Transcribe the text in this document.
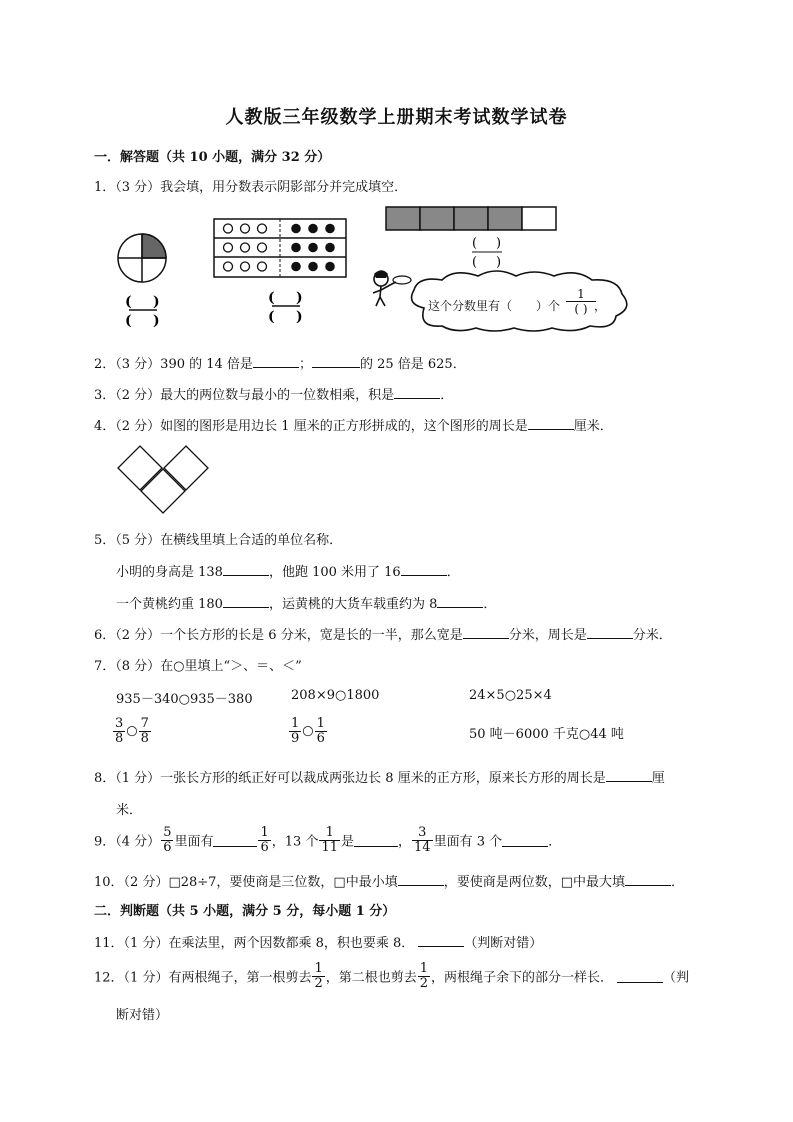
人教版三年级数学上册期末考试数学试卷
一．解答题（共 10 小题，满分 32 分）
1．（3 分）我会填，用分数表示阴影部分并完成填空．
( )
( )
( )
( )
( )
( )
这个分数里有（ ）个
1
( ) ，
2．（3 分）390 的 14 倍是	；	的 25 倍是 625．
3．（2 分）最大的两位数与最小的一位数相乘，积是	．
4．（2 分）如图的图形是用边长 1 厘米的正方形拼成的，这个图形的周长是	厘米．
5．（5 分）在横线里填上合适的单位名称．
小明的身高是 138	，他跑 100 米用了 16	．
一个黄桃约重 180	，运黄桃的大货车载重约为 8	．
6．（2 分）一个长方形的长是 6 分米，宽是长的一半，那么宽是	分米，周长是	分米．
7．（8 分）在○里填上“＞、＝、＜”
935－340○935－380	208×9○1800	24×5○25×4
$\frac{3}{8}$ ○ $\frac{7}{8}$	$\frac{1}{9}$ ○ $\frac{1}{6}$	50 吨－6000 千克○44 吨
8．（1 分）一张长方形的纸正好可以裁成两张边长 8 厘米的正方形，原来长方形的周长是	厘
米．
9．（4 分） $\frac{5}{6}$ 里面有	$\frac{1}{6}$ ，13 个 $\frac{1}{11}$ 是	， $\frac{3}{14}$ 里面有 3 个	．
10．（2 分）□28÷7，要使商是三位数，□中最小填	，要使商是两位数，□中最大填	．
二．判断题（共 5 小题，满分 5 分，每小题 1 分）
11．（1 分）在乘法里，两个因数都乘 8，积也要乘 8．	（判断对错）
12．（1 分）有两根绳子，第一根剪去 $\frac{1}{2}$ ，第二根也剪去 $\frac{1}{2}$ ，两根绳子余下的部分一样长．	（判
断对错）
